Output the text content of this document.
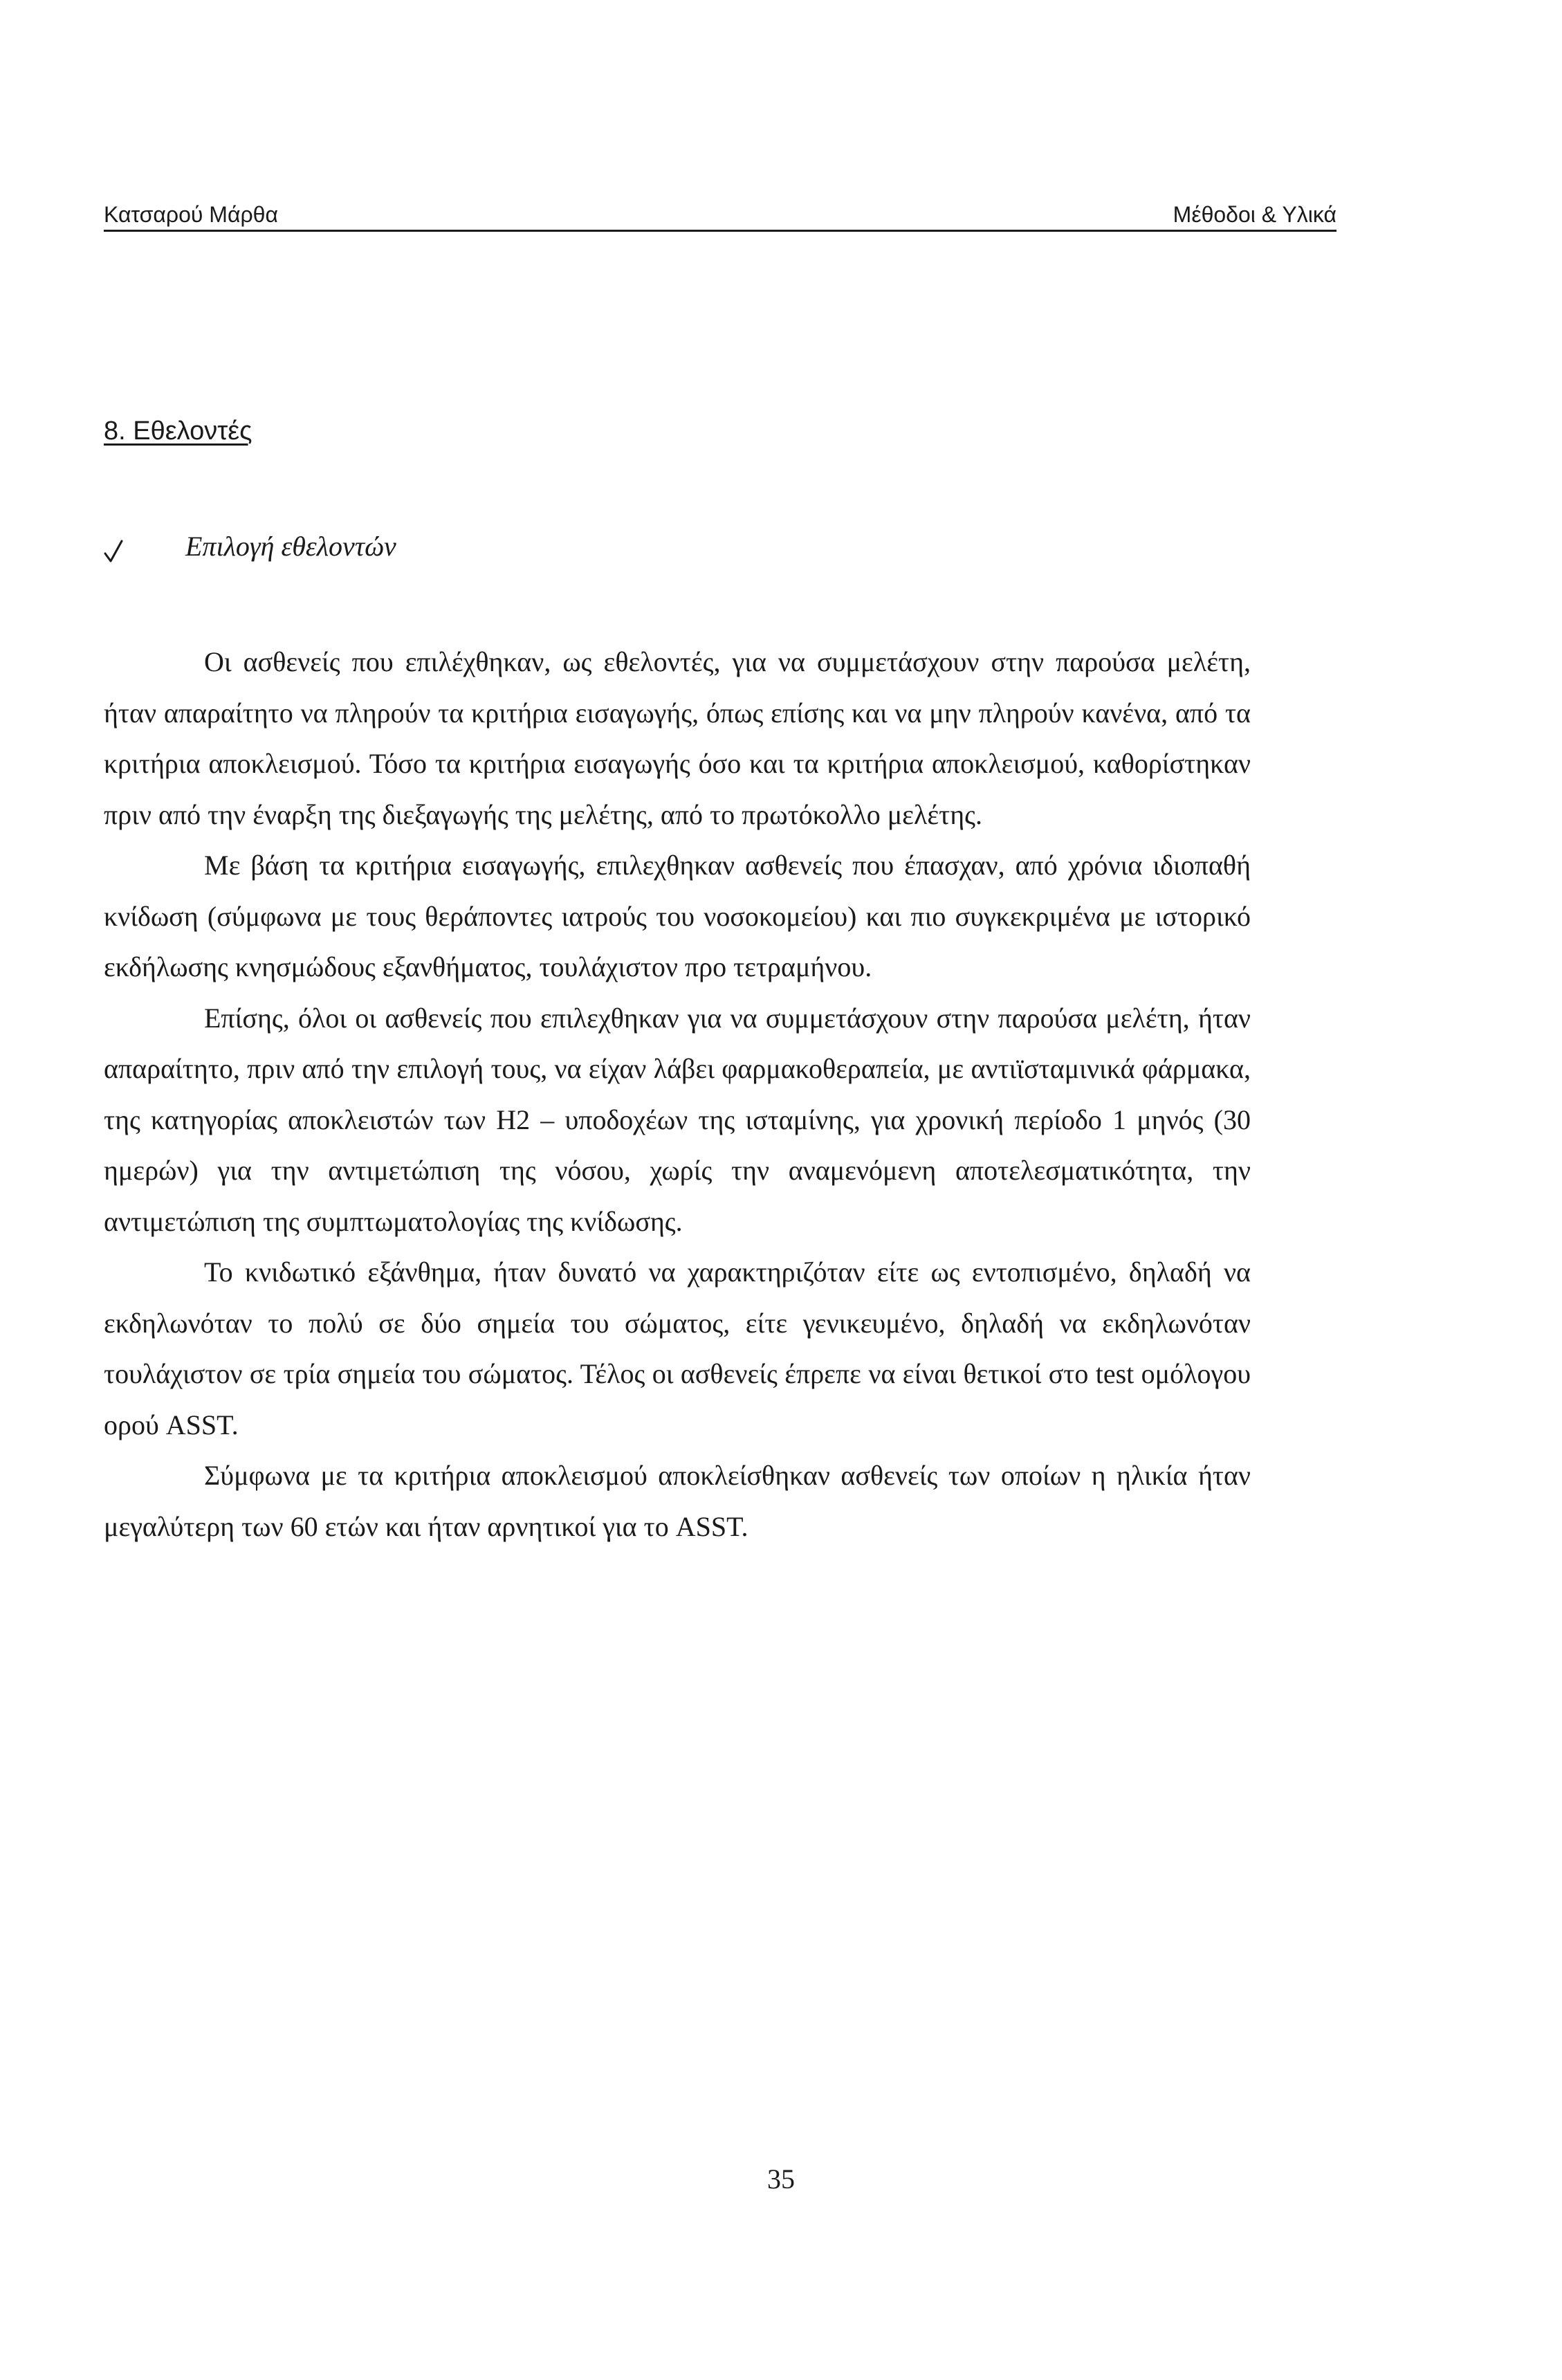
Κατσαρού Μάρθα	Μέθοδοι & Υλικά
8. Εθελοντές
Επιλογή εθελοντών

Οι ασθενείς που επιλέχθηκαν, ως εθελοντές, για να συμμετάσχουν στην παρούσα μελέτη, ήταν απαραίτητο να πληρούν τα κριτήρια εισαγωγής, όπως επίσης και να μην πληρούν κανένα, από τα κριτήρια αποκλεισμού. Τόσο τα κριτήρια εισαγωγής όσο και τα κριτήρια αποκλεισμού, καθορίστηκαν πριν από την έναρξη της διεξαγωγής της μελέτης, από το πρωτόκολλο μελέτης.

Με βάση τα κριτήρια εισαγωγής, επιλεχθηκαν ασθενείς που έπασχαν, από χρόνια ιδιοπαθή κνίδωση (σύμφωνα με τους θεράποντες ιατρούς του νοσοκομείου) και πιο συγκεκριμένα με ιστορικό εκδήλωσης κνησμώδους εξανθήματος, τουλάχιστον προ τετραμήνου.

Επίσης, όλοι οι ασθενείς που επιλεχθηκαν για να συμμετάσχουν στην παρούσα μελέτη, ήταν απαραίτητο, πριν από την επιλογή τους, να είχαν λάβει φαρμακοθεραπεία, με αντιϊσταμινικά φάρμακα, της κατηγορίας αποκλειστών των H2 – υποδοχέων της ισταμίνης, για χρονική περίοδο 1 μηνός (30 ημερών) για την αντιμετώπιση της νόσου, χωρίς την αναμενόμενη αποτελεσματικότητα, την αντιμετώπιση της συμπτωματολογίας της κνίδωσης.

Το κνιδωτικό εξάνθημα, ήταν δυνατό να χαρακτηριζόταν είτε ως εντοπισμένο, δηλαδή να εκδηλωνόταν το πολύ σε δύο σημεία του σώματος, είτε γενικευμένο, δηλαδή να εκδηλωνόταν τουλάχιστον σε τρία σημεία του σώματος. Τέλος οι ασθενείς έπρεπε να είναι θετικοί στο test ομόλογου ορού ASST.

Σύμφωνα με τα κριτήρια αποκλεισμού αποκλείσθηκαν ασθενείς των οποίων η ηλικία ήταν μεγαλύτερη των 60 ετών και ήταν αρνητικοί για το ASST.

35
